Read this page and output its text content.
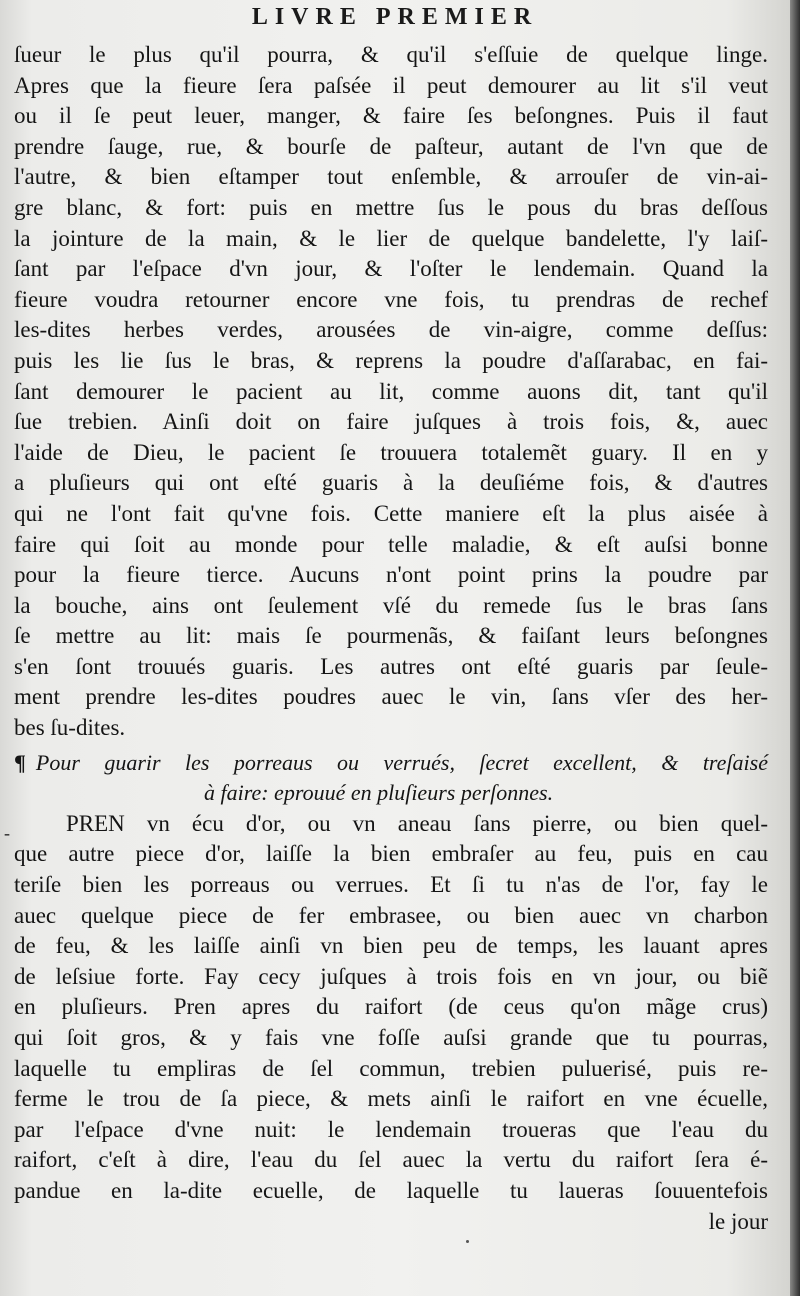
LIVRE PREMIER
ſueur le plus qu'il pourra, & qu'il s'eſſuie de quelque linge.
Apres que la fieure ſera paſsée il peut demourer au lit s'il veut
ou il ſe peut leuer, manger, & faire ſes beſongnes. Puis il faut
prendre ſauge, rue, & bourſe de paſteur, autant de l'vn que de
l'autre, & bien eſtamper tout enſemble, & arrouſer de vin-ai-
gre blanc, & fort: puis en mettre ſus le pous du bras deſſous
la jointure de la main, & le lier de quelque bandelette, l'y laiſ-
ſant par l'eſpace d'vn jour, & l'oſter le lendemain. Quand la
fieure voudra retourner encore vne fois, tu prendras de rechef
les-dites herbes verdes, arousées de vin-aigre, comme deſſus:
puis les lie ſus le bras, & reprens la poudre d'aſſarabac, en fai-
ſant demourer le pacient au lit, comme auons dit, tant qu'il
ſue trebien. Ainſi doit on faire juſques à trois fois, &, auec
l'aide de Dieu, le pacient ſe trouuera totalemẽt guary. Il en y
a pluſieurs qui ont eſté guaris à la deuſiéme fois, & d'autres
qui ne l'ont fait qu'vne fois. Cette maniere eſt la plus aisée à
faire qui ſoit au monde pour telle maladie, & eſt auſsi bonne
pour la fieure tierce. Aucuns n'ont point prins la poudre par
la bouche, ains ont ſeulement vſé du remede ſus le bras ſans
ſe mettre au lit: mais ſe pourmenãs, & faiſant leurs beſongnes
s'en ſont trouués guaris. Les autres ont eſté guaris par ſeule-
ment prendre les-dites poudres auec le vin, ſans vſer des her-
bes ſu-dites.
¶ Pour guarir les porreaus ou verrués, ſecret excellent, & treſaisé
à faire: eprouué en pluſieurs perſonnes.
PREN vn écu d'or, ou vn aneau ſans pierre, ou bien quel-
que autre piece d'or, laiſſe la bien embraſer au feu, puis en cau
teriſe bien les porreaus ou verrues. Et ſi tu n'as de l'or, fay le
auec quelque piece de fer embrasee, ou bien auec vn charbon
de feu, & les laiſſe ainſi vn bien peu de temps, les lauant apres
de leſsiue forte. Fay cecy juſques à trois fois en vn jour, ou biẽ
en pluſieurs. Pren apres du raifort (de ceus qu'on mãge crus)
qui ſoit gros, & y fais vne foſſe auſsi grande que tu pourras,
laquelle tu empliras de ſel commun, trebien puluerisé, puis re-
ferme le trou de ſa piece, & mets ainſi le raifort en vne écuelle,
par l'eſpace d'vne nuit: le lendemain troueras que l'eau du
raifort, c'eſt à dire, l'eau du ſel auec la vertu du raifort ſera é-
pandue en la-dite ecuelle, de laquelle tu laueras ſouuentefois
le jour
-
